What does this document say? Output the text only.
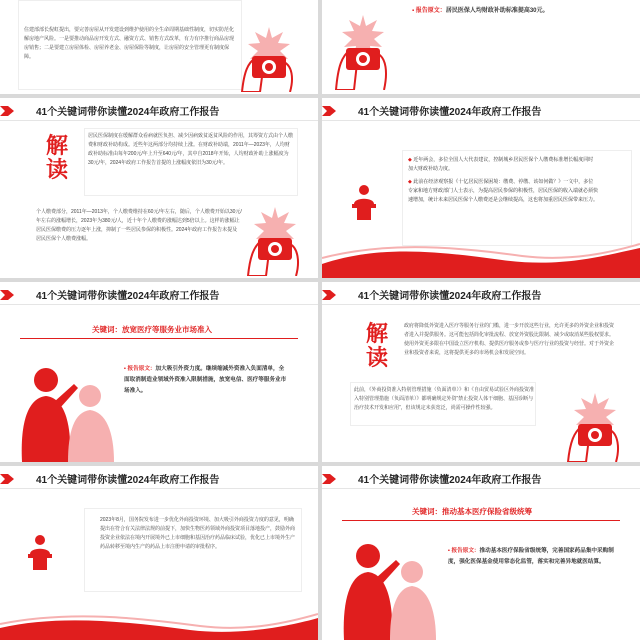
住建部部长倪虹提出，要完善房屋从开发建设到维护使用的全生命周期基础性制度，切实防范化解房地产风险。一是要推动商品房开发方式、融资方式、销售方式改革，有力有序推行商品房现房销售；二是要建立房屋体检、房屋养老金、房屋保险等制度，让房屋的安全管理更有制度保障。
▪ 报告原文：居民医保人均财政补助标准提高30元。
41个关键词带你读懂2024年政府工作报告
解读
居民医保制度在缓解群众看病就医负担、减少因病致贫返贫风险的作用，其筹资方式由个人缴费和财政补助构成。近些年这两部分均持续上涨。在财政补助端，2011年—2023年，人均财政补助标准由每年200元/年上升至640元/年，其中自2018年开始，人均财政补助上涨幅度为30元/年，2024年政府工作报告首提的上涨幅度依旧为30元/年。
个人缴费部分，2011年—2013年，个人缴费维持在60元/年左右，随后，个人缴费开始以30元/年左右的涨幅增长，2023年为380元/人，近十年个人缴费的涨幅达到5倍以上。这样的涨幅让居民医保缴费的压力逐年上涨，抑制了一些居民参保的积极性。2024年政府工作报告未提及居民医保个人缴费涨幅。
41个关键词带你读懂2024年政府工作报告
◆ 近年两会，多位全国人大代表建议，控制城乡居民医保个人缴费标准增长幅度同时加大财政补助力度。
◆ 此前在经济观察报《十亿居民医保困境：缴费、停缴、该如何做？》一文中，多位专家和地方财政部门人士表示，为提高居民参保的积极性，居民医保的收入端就必须快速增加，统计未来居民医保个人缴费还是会继续提高，这也将加重居民医保带来压力。
41个关键词带你读懂2024年政府工作报告
关键词：放宽医疗等服务业市场准入
▪ 报告原文：加大吸引外资力度。继续缩减外资准入负面清单，全面取消制造业领域外资准入限制措施，放宽电信、医疗等服务业市场准入。
41个关键词带你读懂2024年政府工作报告
解读
政府将降低外资进入医疗等服务行业的门槛，进一步开放这些行业，允许更多的外资企业和投资者进入并提供服务。这可能包括简化审批流程、放宽外资股比限制、减少或取消某些股权要求。使用外资更多限在中国设立医疗机构、提供医疗服务或参与医疗行业的投资与经营。对于外资企业和投资者来说，这将提供更多的市场机会和发展空间。
此前，《外商投资准入特别管理措施（负面清单）》和《自由贸易试验区外商投资准入特别管理措施（负面清单）》都明确规定外资“禁止投资人体干细胞、基因诊断与治疗技术开发和应用”，但该规定未获宽泛，尚需可操作性较强。
41个关键词带你读懂2024年政府工作报告
2023年8月，国务院发布进一步优化外商投资环境、加大吸引外商投资力度的意见，明确提出在符合有关法律法规的前提下，加快生物医药领域外商投资项目落地投产，鼓励外商投资企业依法在境内开展境外已上市细胞和基因治疗药品临床试验，优化已上市境外生产药品转移至境内生产的药品上市注册申请的审批程序。
41个关键词带你读懂2024年政府工作报告
关键词：推动基本医疗保险省级统筹
▪ 报告原文：推动基本医疗保险省级统筹，完善国家药品集中采购制度，强化医保基金使用常态化监管，落实和完善异地就医结算。
